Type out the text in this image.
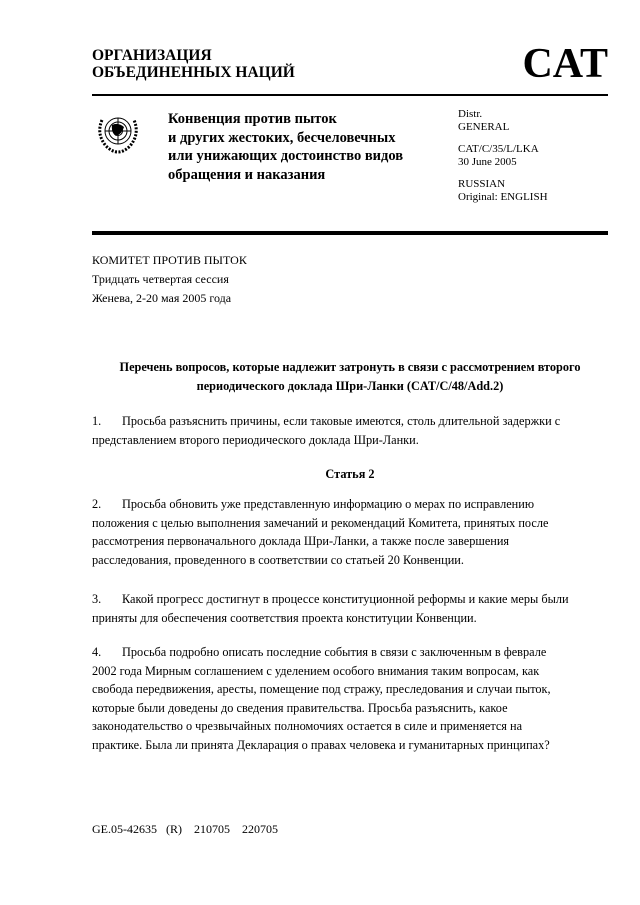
ОРГАНИЗАЦИЯ
ОБЪЕДИНЕННЫХ НАЦИЙ	CAT
Конвенция против пыток
и других жестоких, бесчеловечных
или унижающих достоинство видов
обращения и наказания
Distr.
GENERAL
CAT/C/35/L/LKA
30 June 2005
RUSSIAN
Original: ENGLISH
КОМИТЕТ ПРОТИВ ПЫТОК
Тридцать четвертая сессия
Женева, 2-20 мая 2005 года
Перечень вопросов, которые надлежит затронуть в связи с рассмотрением второго
периодического доклада Шри-Ланки (CAT/C/48/Add.2)
1. Просьба разъяснить причины, если таковые имеются, столь длительной задержки с
представлением второго периодического доклада Шри-Ланки.
Статья 2
2. Просьба обновить уже представленную информацию о мерах по исправлению
положения с целью выполнения замечаний и рекомендаций Комитета, принятых после
рассмотрения первоначального доклада Шри-Ланки, а также после завершения
расследования, проведенного в соответствии со статьей 20 Конвенции.
3. Какой прогресс достигнут в процессе конституционной реформы и какие меры были
приняты для обеспечения соответствия проекта конституции Конвенции.
4. Просьба подробно описать последние события в связи с заключенным в феврале
2002 года Мирным соглашением с уделением особого внимания таким вопросам, как
свобода передвижения, аресты, помещение под стражу, преследования и случаи пыток,
которые были доведены до сведения правительства. Просьба разъяснить, какое
законодательство о чрезвычайных полномочиях остается в силе и применяется на
практике. Была ли принята Декларация о правах человека и гуманитарных принципах?
GE.05-42635   (R)    210705    220705
